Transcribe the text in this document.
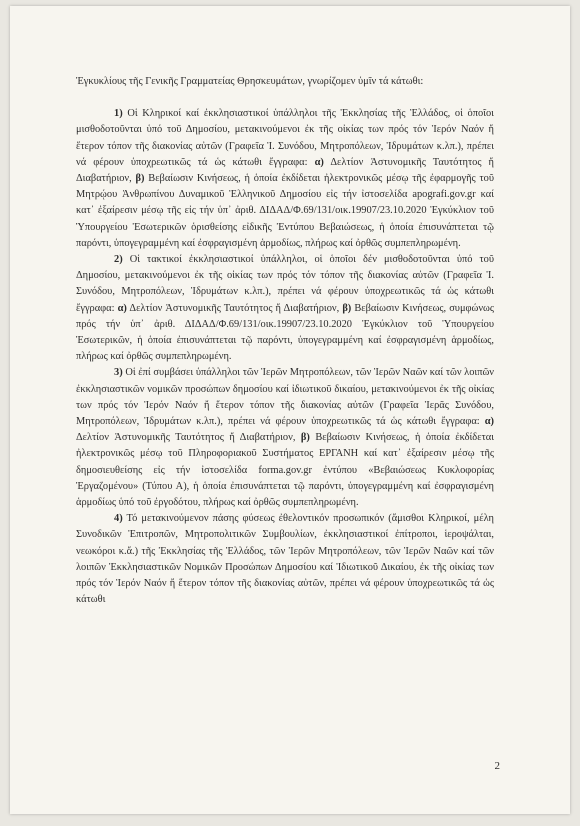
Ἐγκυκλίους τῆς Γενικῆς Γραμματείας Θρησκευμάτων, γνωρίζομεν ὑμῖν τά κάτωθι:

1) Οἱ Κληρικοί καί ἐκκλησιαστικοί ὑπάλληλοι τῆς Ἐκκλησίας τῆς Ἑλλάδος, οἱ ὁποῖοι μισθοδοτοῦνται ὑπό τοῦ Δημοσίου, μετακινούμενοι ἐκ τῆς οἰκίας των πρός τόν Ἱερόν Ναόν ἤ ἕτερον τόπον τῆς διακονίας αὐτῶν (Γραφεῖα Ἱ. Συνόδου, Μητροπόλεων, Ἱδρυμάτων κ.λπ.), πρέπει νά φέρουν ὑποχρεωτικῶς τά ὡς κάτωθι ἔγγραφα: α) Δελτίον Ἀστυνομικῆς Ταυτότητος ἤ Διαβατήριον, β) Βεβαίωσιν Κινήσεως, ἡ ὁποία ἐκδίδεται ἠλεκτρονικῶς μέσῳ τῆς ἐφαρμογῆς τοῦ Μητρῴου Ἀνθρωπίνου Δυναμικοῦ Ἑλληνικοῦ Δημοσίου εἰς τήν ἰστοσελίδα apografi.gov.gr καί κατ᾿ ἐξαίρεσιν μέσῳ τῆς εἰς τήν ὑπ᾿ ἀριθ. ΔΙΔΑΔ/Φ.69/131/οικ.19907/23.10.2020 Ἐγκύκλιον τοῦ Ὑπουργείου Ἐσωτερικῶν ὁρισθείσης εἰδικῆς Ἐντύπου Βεβαιώσεως, ἡ ὁποία ἐπισυνάπτεται τῷ παρόντι, ὑπογεγραμμένη καί ἐσφραγισμένη ἁρμοδίως, πλήρως καί ὀρθῶς συμπεπληρωμένη.

2) Οἱ τακτικοί ἐκκλησιαστικοί ὑπάλληλοι, οἱ ὁποῖοι δέν μισθοδοτοῦνται ὑπό τοῦ Δημοσίου, μετακινούμενοι ἐκ τῆς οἰκίας των πρός τόν τόπον τῆς διακονίας αὐτῶν (Γραφεῖα Ἱ. Συνόδου, Μητροπόλεων, Ἱδρυμάτων κ.λπ.), πρέπει νά φέρουν ὑποχρεωτικῶς τά ὡς κάτωθι ἔγγραφα: α) Δελτίον Ἀστυνομικῆς Ταυτότητος ἤ Διαβατήριον, β) Βεβαίωσιν Κινήσεως, συμφώνως πρός τήν ὑπ᾿ ἀριθ. ΔΙΔΑΔ/Φ.69/131/οικ.19907/23.10.2020 Ἐγκύκλιον τοῦ Ὑπουργείου Ἐσωτερικῶν, ἡ ὁποία ἐπισυνάπτεται τῷ παρόντι, ὑπογεγραμμένη καί ἐσφραγισμένη ἁρμοδίως, πλήρως καί ὀρθῶς συμπεπληρωμένη.

3) Οἱ ἐπί συμβάσει ὑπάλληλοι τῶν Ἱερῶν Μητροπόλεων, τῶν Ἱερῶν Ναῶν καί τῶν λοιπῶν ἐκκλησιαστικῶν νομικῶν προσώπων δημοσίου καί ἰδιωτικοῦ δικαίου, μετακινούμενοι ἐκ τῆς οἰκίας των πρός τόν Ἱερόν Ναόν ἤ ἕτερον τόπον τῆς διακονίας αὐτῶν (Γραφεῖα Ἱερᾶς Συνόδου, Μητροπόλεων, Ἱδρυμάτων κ.λπ.), πρέπει νά φέρουν ὑποχρεωτικῶς τά ὡς κάτωθι ἔγγραφα: α) Δελτίον Ἀστυνομικῆς Ταυτότητος ἤ Διαβατήριον, β) Βεβαίωσιν Κινήσεως, ἡ ὁποία ἐκδίδεται ἠλεκτρονικῶς μέσῳ τοῦ Πληροφοριακοῦ Συστήματος ΕΡΓΑΝΗ καί κατ᾿ ἐξαίρεσιν μέσῳ τῆς δημοσιευθείσης εἰς τήν ἰστοσελίδα forma.gov.gr ἐντύπου «Βεβαιώσεως Κυκλοφορίας Ἐργαζομένου» (Τύπου Α), ἡ ὁποία ἐπισυνάπτεται τῷ παρόντι, ὑπογεγραμμένη καί ἐσφραγισμένη ἁρμοδίως ὑπό τοῦ ἐργοδότου, πλήρως καί ὀρθῶς συμπεπληρωμένη.

4) Τό μετακινούμενον πάσης φύσεως ἐθελοντικόν προσωπικόν (ἄμισθοι Κληρικοί, μέλη Συνοδικῶν Ἐπιτροπῶν, Μητροπολιτικῶν Συμβουλίων, ἐκκλησιαστικοί ἐπίτροποι, ἱεροψάλται, νεωκόροι κ.ἄ.) τῆς Ἐκκλησίας τῆς Ἑλλάδος, τῶν Ἱερῶν Μητροπόλεων, τῶν Ἱερῶν Ναῶν καί τῶν λοιπῶν Ἐκκλησιαστικῶν Νομικῶν Προσώπων Δημοσίου καί Ἰδιωτικοῦ Δικαίου, ἐκ τῆς οἰκίας των πρός τόν Ἱερόν Ναόν ἤ ἕτερον τόπον τῆς διακονίας αὐτῶν, πρέπει νά φέρουν ὑποχρεωτικῶς τά ὡς κάτωθι

2
